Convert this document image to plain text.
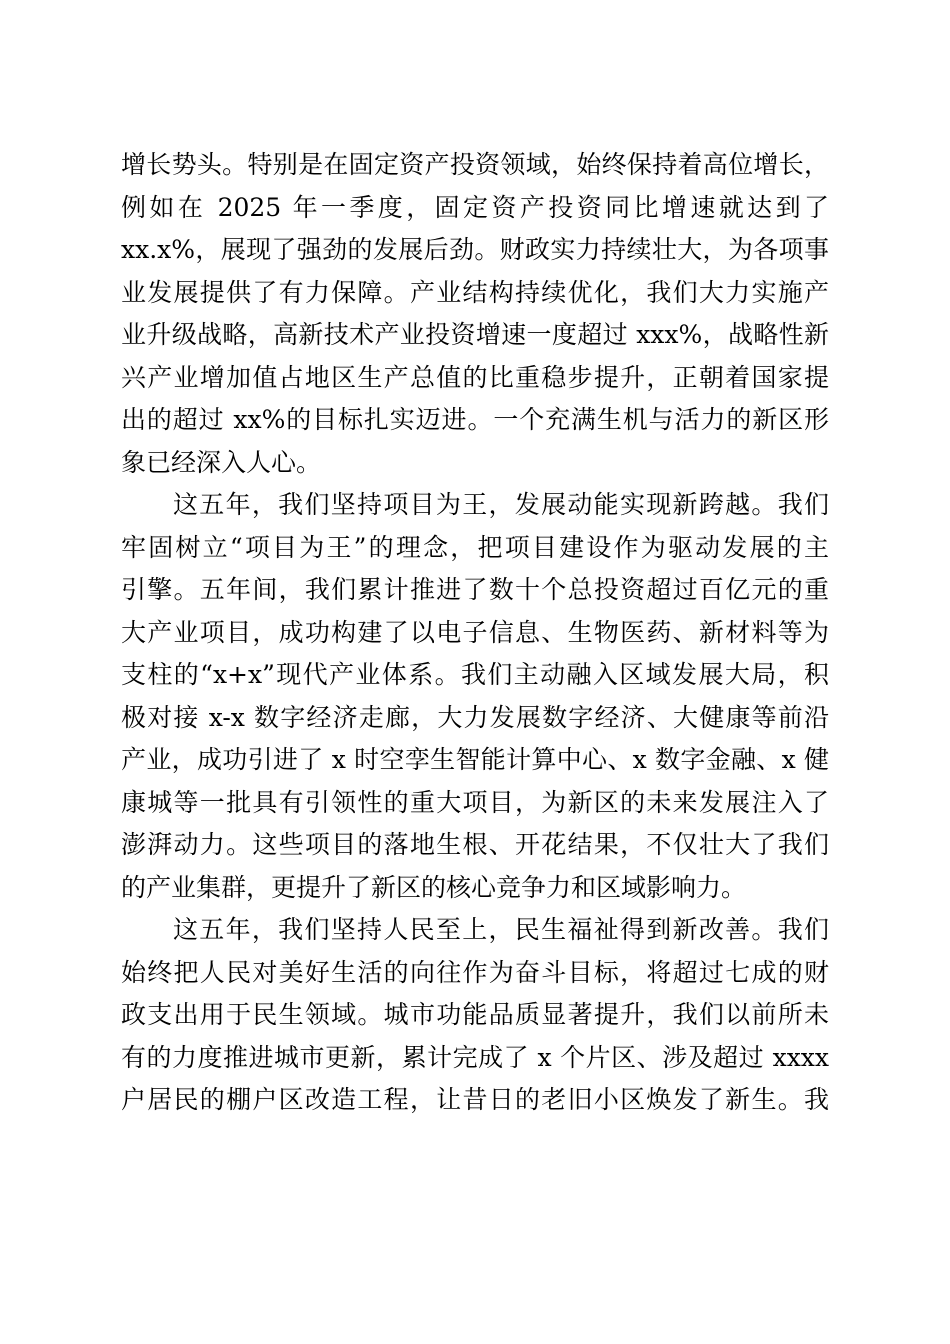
增长势头。特别是在固定资产投资领域，始终保持着高位增长，
例如在 2025 年一季度，固定资产投资同比增速就达到了
xx.x%，展现了强劲的发展后劲。财政实力持续壮大，为各项事
业发展提供了有力保障。产业结构持续优化，我们大力实施产
业升级战略，高新技术产业投资增速一度超过 xxx%，战略性新
兴产业增加值占地区生产总值的比重稳步提升，正朝着国家提
出的超过 xx%的目标扎实迈进。一个充满生机与活力的新区形
象已经深入人心。
这五年，我们坚持项目为王，发展动能实现新跨越。我们
牢固树立“项目为王”的理念，把项目建设作为驱动发展的主
引擎。五年间，我们累计推进了数十个总投资超过百亿元的重
大产业项目，成功构建了以电子信息、生物医药、新材料等为
支柱的“x+x”现代产业体系。我们主动融入区域发展大局，积
极对接 x-x 数字经济走廊，大力发展数字经济、大健康等前沿
产业，成功引进了 x 时空孪生智能计算中心、x 数字金融、x 健
康城等一批具有引领性的重大项目，为新区的未来发展注入了
澎湃动力。这些项目的落地生根、开花结果，不仅壮大了我们
的产业集群，更提升了新区的核心竞争力和区域影响力。
这五年，我们坚持人民至上，民生福祉得到新改善。我们
始终把人民对美好生活的向往作为奋斗目标，将超过七成的财
政支出用于民生领域。城市功能品质显著提升，我们以前所未
有的力度推进城市更新，累计完成了 x 个片区、涉及超过 xxxx
户居民的棚户区改造工程，让昔日的老旧小区焕发了新生。我
